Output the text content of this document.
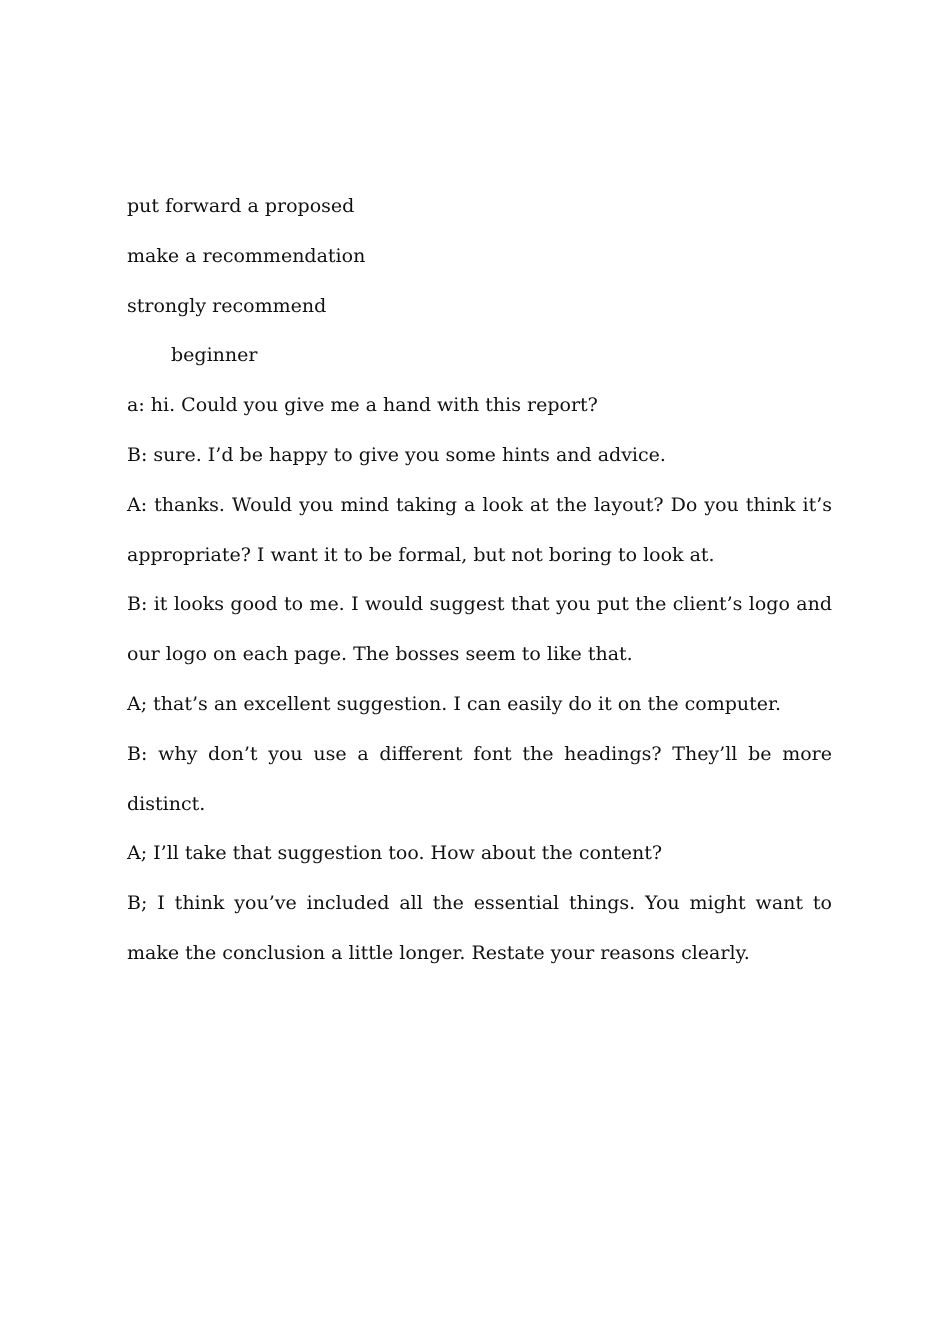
put forward a proposed

make a recommendation

strongly recommend

beginner

a: hi. Could you give me a hand with this report?

B: sure. I’d be happy to give you some hints and advice.

A: thanks. Would you mind taking a look at the layout? Do you think it’s appropriate? I want it to be formal, but not boring to look at.

B: it looks good to me. I would suggest that you put the client’s logo and our logo on each page. The bosses seem to like that.

A; that’s an excellent suggestion. I can easily do it on the computer.

B: why don’t you use a different font the headings? They’ll be more distinct.

A; I’ll take that suggestion too. How about the content?

B; I think you’ve included all the essential things. You might want to make the conclusion a little longer. Restate your reasons clearly.
